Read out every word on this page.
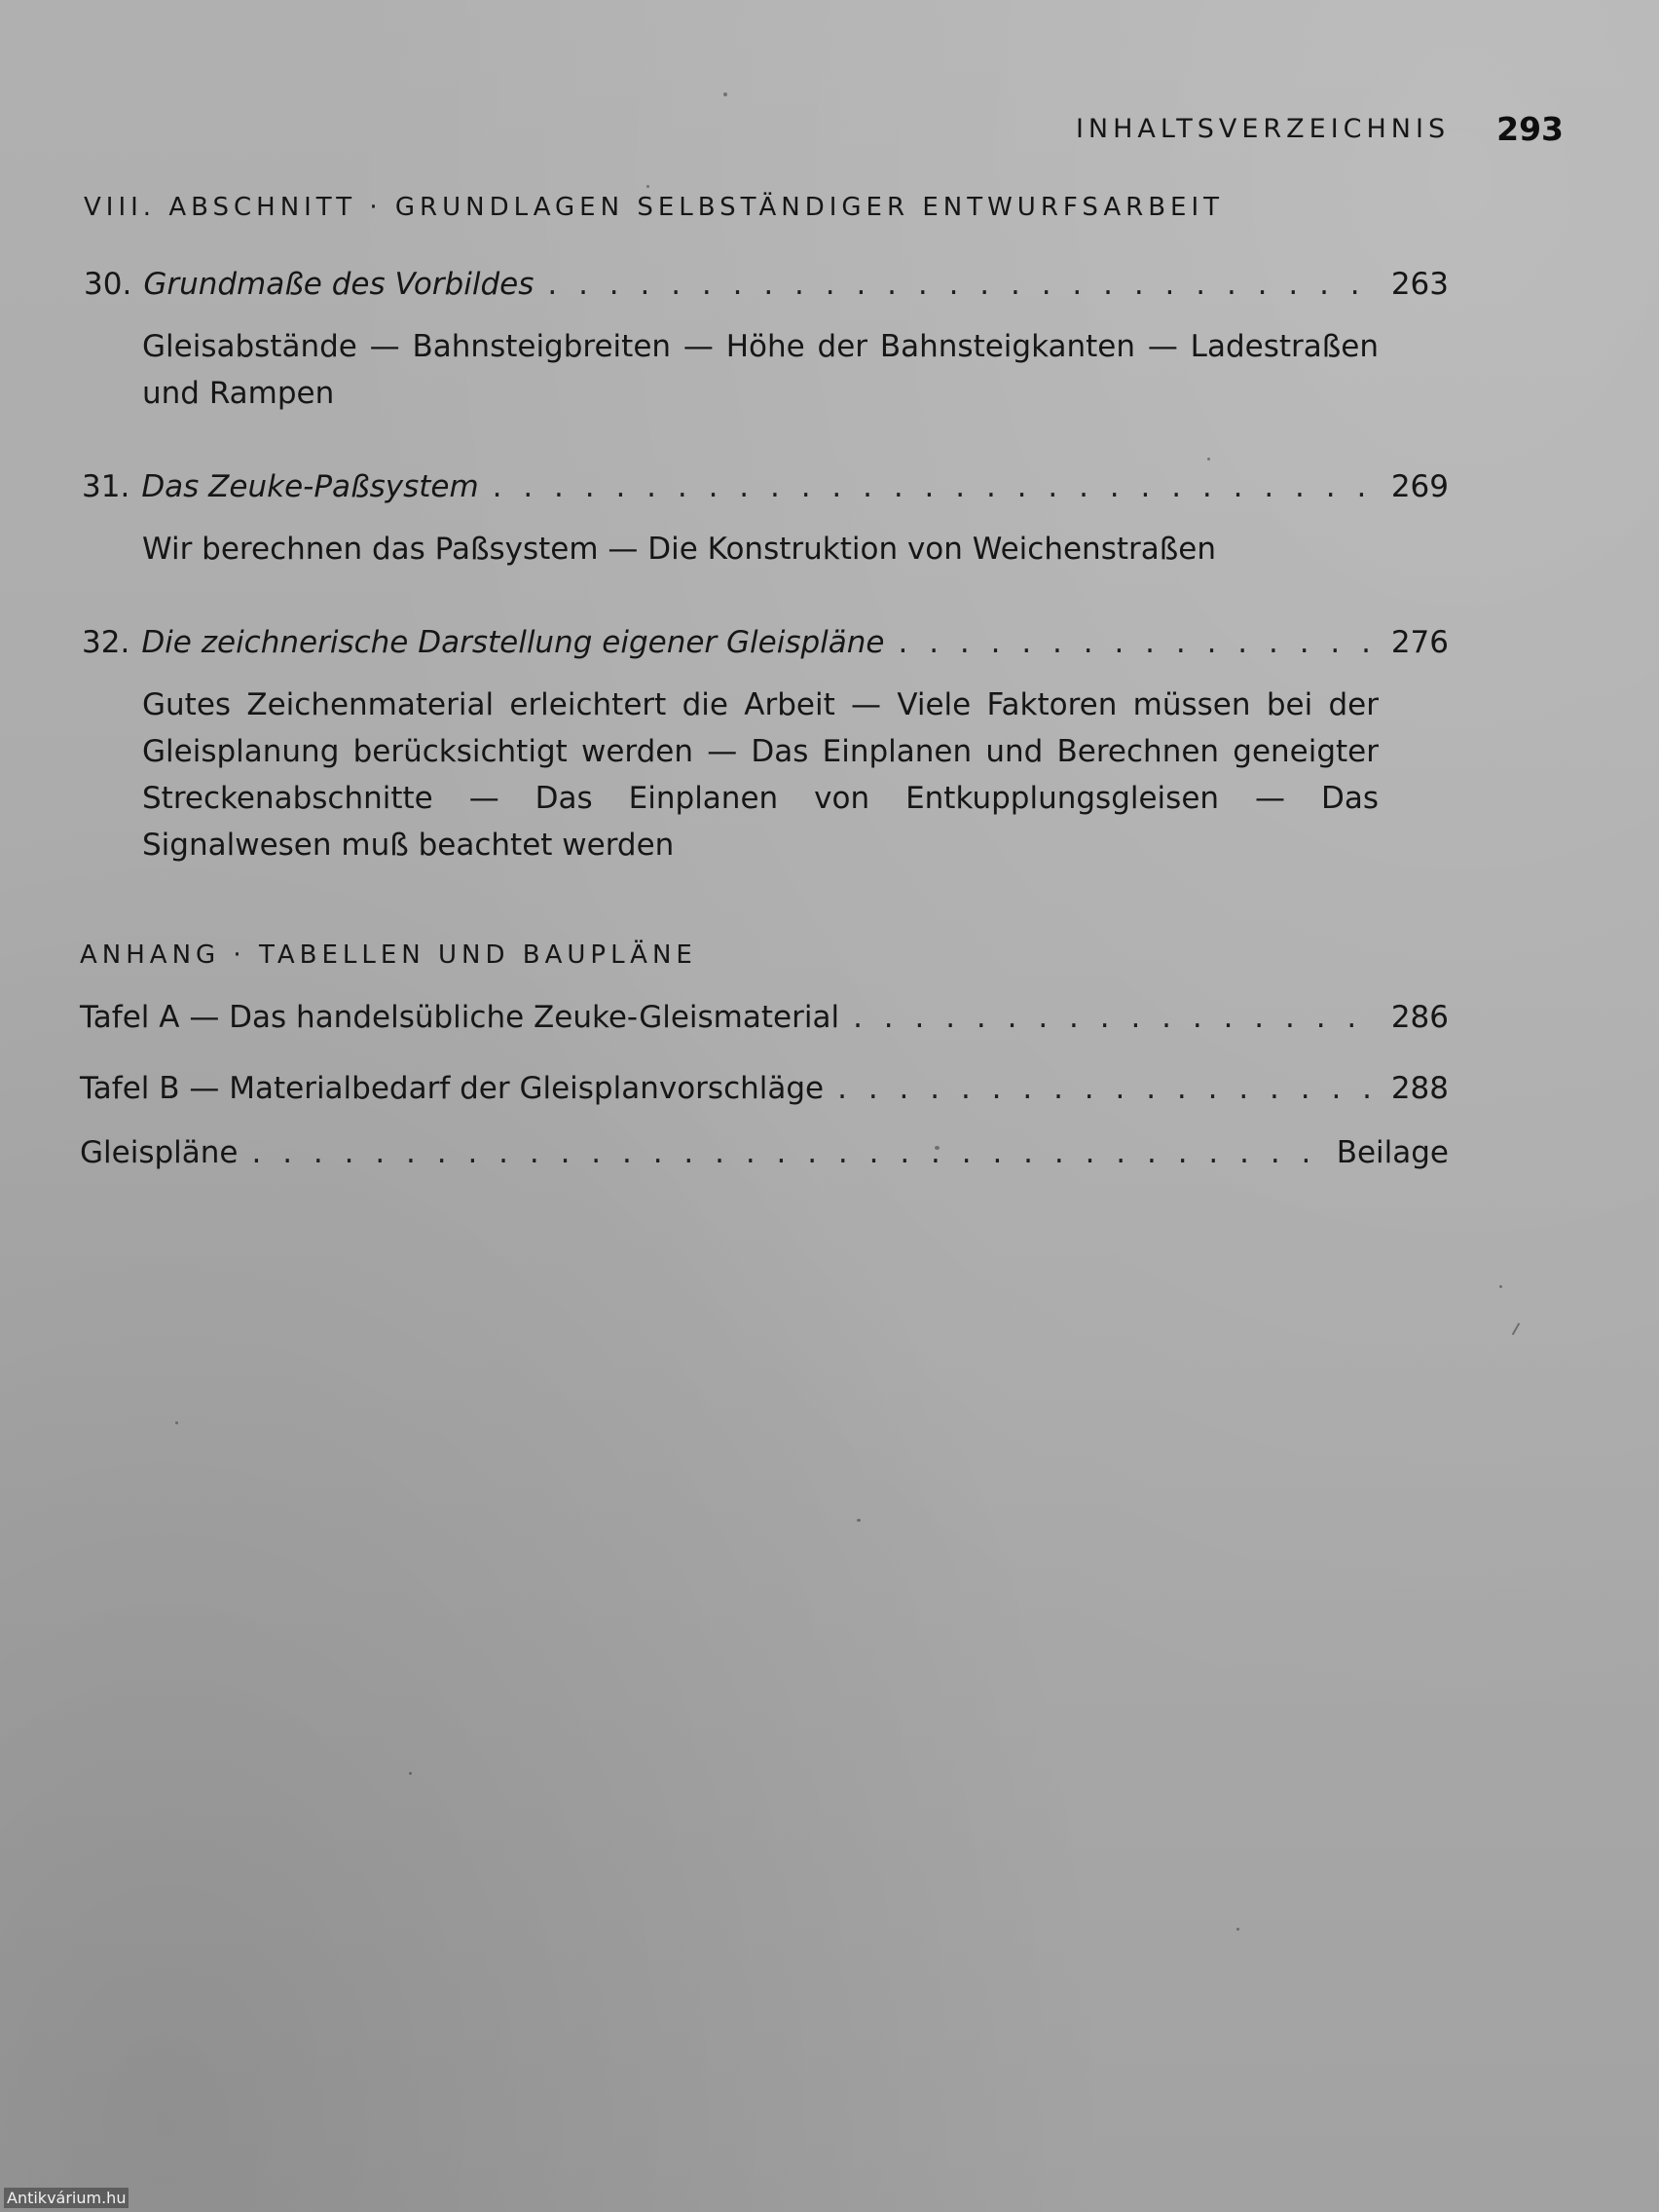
INHALTSVERZEICHNIS 293
VIII. ABSCHNITT · GRUNDLAGEN SELBSTÄNDIGER ENTWURFSARBEIT
30. Grundmaße des Vorbildes . . .	263
Gleisabstände — Bahnsteigbreiten — Höhe der Bahnsteigkanten — Ladestraßen und Rampen
31. Das Zeuke-Paßsystem . . .	269
Wir berechnen das Paßsystem — Die Konstruktion von Weichenstraßen
32. Die zeichnerische Darstellung eigener Gleispläne . . .	276
Gutes Zeichenmaterial erleichtert die Arbeit — Viele Faktoren müssen bei der Gleisplanung berücksichtigt werden — Das Einplanen und Berechnen geneigter Streckenabschnitte — Das Einplanen von Entkupplungsgleisen — Das Signalwesen muß beachtet werden
ANHANG · TABELLEN UND BAUPLÄNE
Tafel A — Das handelsübliche Zeuke-Gleismaterial . . .	286
Tafel B — Materialbedarf der Gleisplanvorschläge . . .	288
Gleispläne . . .	Beilage
Antikvárium.hu
